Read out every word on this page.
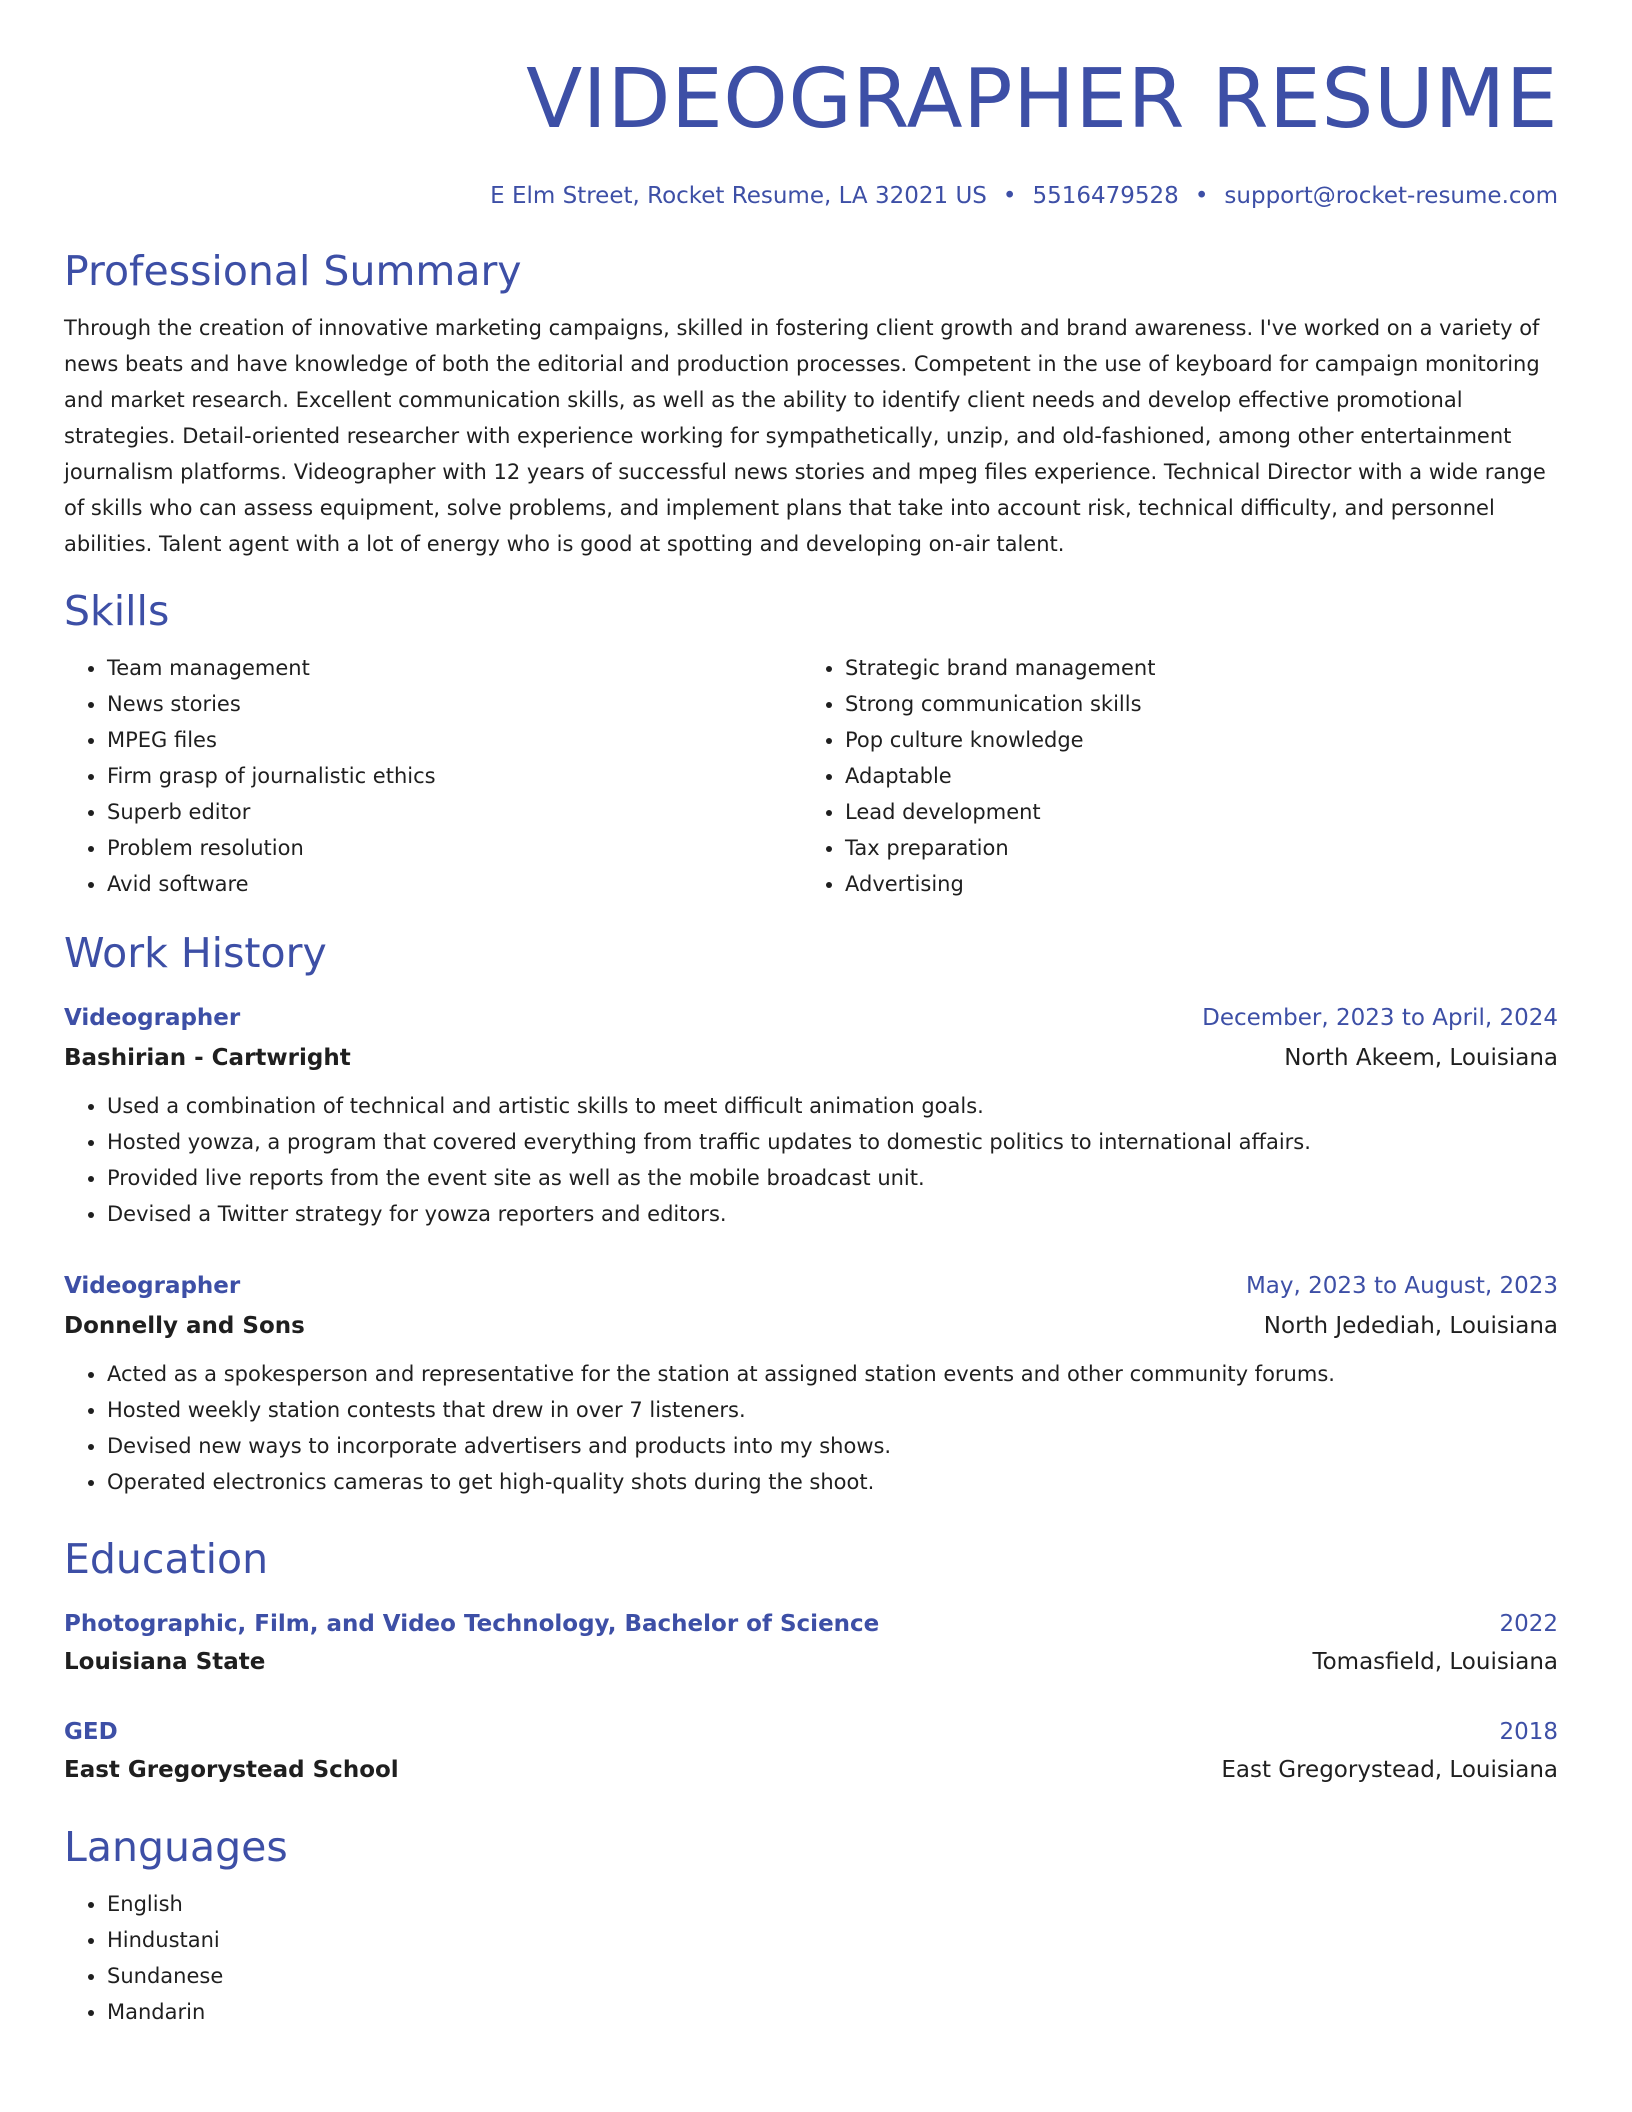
VIDEOGRAPHER RESUME
E Elm Street, Rocket Resume, LA 32021 US • 5516479528 • support@rocket-resume.com
Professional Summary
Through the creation of innovative marketing campaigns, skilled in fostering client growth and brand awareness. I've worked on a variety of news beats and have knowledge of both the editorial and production processes. Competent in the use of keyboard for campaign monitoring and market research. Excellent communication skills, as well as the ability to identify client needs and develop effective promotional strategies. Detail-oriented researcher with experience working for sympathetically, unzip, and old-fashioned, among other entertainment journalism platforms. Videographer with 12 years of successful news stories and mpeg files experience. Technical Director with a wide range of skills who can assess equipment, solve problems, and implement plans that take into account risk, technical difficulty, and personnel abilities. Talent agent with a lot of energy who is good at spotting and developing on-air talent.
Skills
• Team management
• News stories
• MPEG files
• Firm grasp of journalistic ethics
• Superb editor
• Problem resolution
• Avid software
• Strategic brand management
• Strong communication skills
• Pop culture knowledge
• Adaptable
• Lead development
• Tax preparation
• Advertising
Work History
Videographer	December, 2023 to April, 2024
Bashirian - Cartwright	North Akeem, Louisiana
• Used a combination of technical and artistic skills to meet difficult animation goals.
• Hosted yowza, a program that covered everything from traffic updates to domestic politics to international affairs.
• Provided live reports from the event site as well as the mobile broadcast unit.
• Devised a Twitter strategy for yowza reporters and editors.
Videographer	May, 2023 to August, 2023
Donnelly and Sons	North Jedediah, Louisiana
• Acted as a spokesperson and representative for the station at assigned station events and other community forums.
• Hosted weekly station contests that drew in over 7 listeners.
• Devised new ways to incorporate advertisers and products into my shows.
• Operated electronics cameras to get high-quality shots during the shoot.
Education
Photographic, Film, and Video Technology, Bachelor of Science	2022
Louisiana State	Tomasfield, Louisiana
GED	2018
East Gregorystead School	East Gregorystead, Louisiana
Languages
• English
• Hindustani
• Sundanese
• Mandarin
